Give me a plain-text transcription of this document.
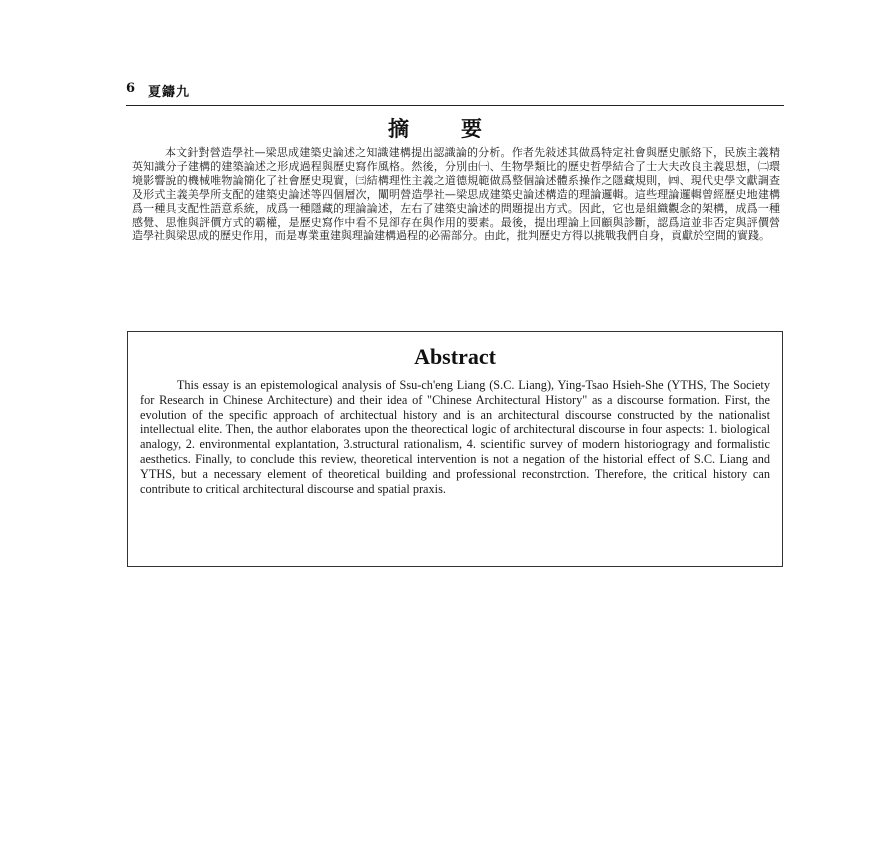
6 夏鑄九
摘要

本文針對營造學社—梁思成建築史論述之知識建構提出認識論的分析。作者先敍述其做爲特定社會與歷史脈絡下，民族主義精英知識分子建構的建築論述之形成過程與歷史寫作風格。然後，分別由㈠、生物學類比的歷史哲學結合了士大夫改良主義思想，㈡環境影響說的機械唯物論簡化了社會歷史現實，㈢結構理性主義之道德規範做爲整個論述體系操作之隱藏規則，㈣、現代史學文獻調查及形式主義美學所支配的建築史論述等四個層次，闡明營造學社—梁思成建築史論述構造的理論邏輯。這些理論邏輯曾經歷史地建構爲一種具支配性語意系統，成爲一種隱藏的理論論述，左右了建築史論述的問題提出方式。因此，它也是組織觀念的架構，成爲一種感覺、思惟與評價方式的霸權，是歷史寫作中看不見卻存在與作用的要素。最後，提出理論上回顧與診斷，認爲這並非否定與評價營造學社與梁思成的歷史作用，而是專業重建與理論建構過程的必需部分。由此，批判歷史方得以挑戰我們自身，貢獻於空間的實踐。

Abstract

This essay is an epistemological analysis of Ssu-ch'eng Liang (S.C. Liang), Ying-Tsao Hsieh-She (YTHS, The Society for Research in Chinese Architecture) and their idea of "Chinese Architectural History" as a discourse formation. First, the evolution of the specific approach of architectual history and is an architectural discourse constructed by the nationalist intellectual elite. Then, the author elaborates upon the theorectical logic of architectural discourse in four aspects: 1. biological analogy, 2. environmental explantation, 3.structural rationalism, 4. scientific survey of modern historiogragy and formalistic aesthetics. Finally, to conclude this review, theoretical intervention is not a negation of the historial effect of S.C. Liang and YTHS, but a necessary element of theoretical building and professional reconstrction. Therefore, the critical history can contribute to critical architectural discourse and spatial praxis.
